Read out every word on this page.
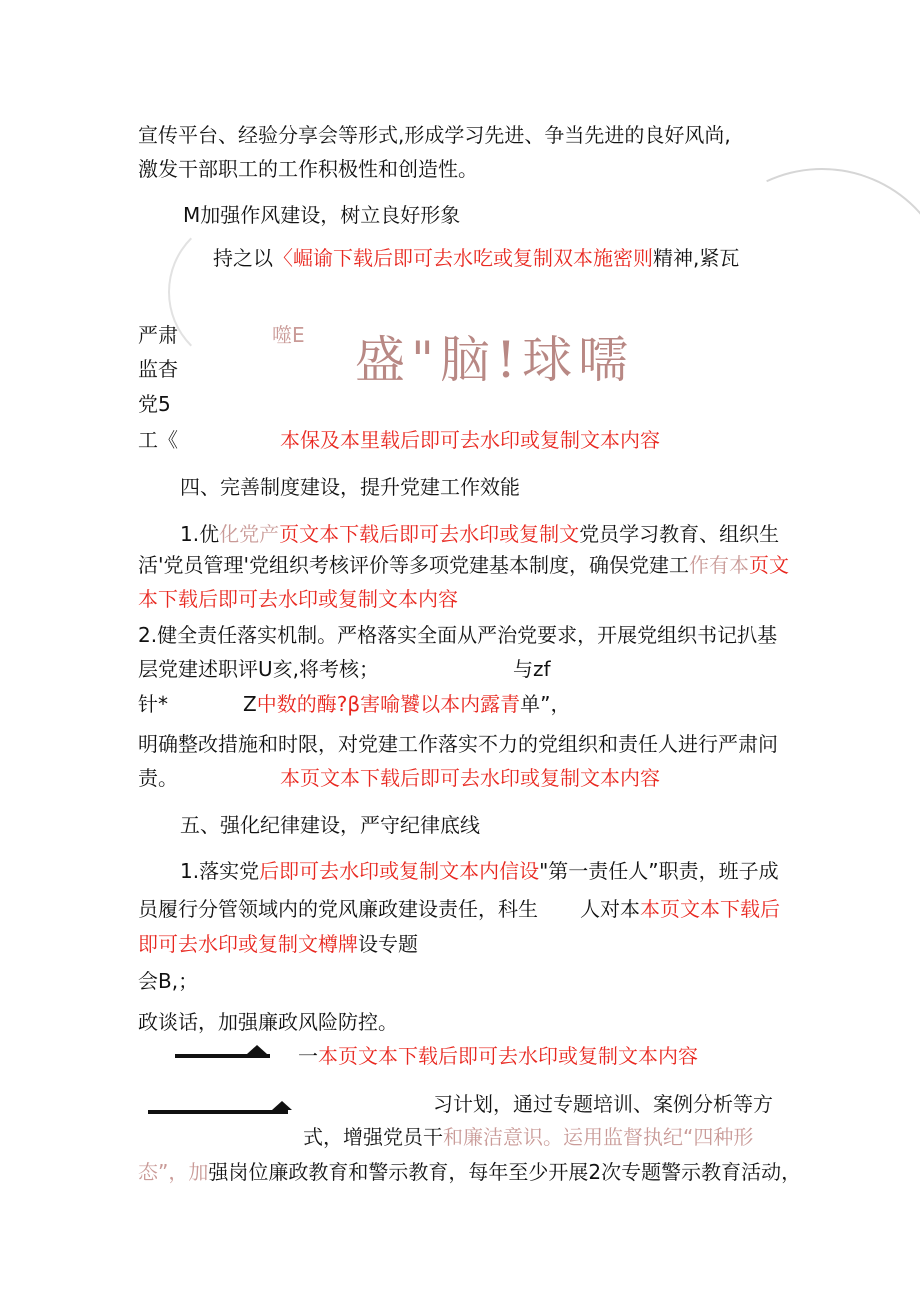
宣传平台、经验分享会等形式,形成学习先进、争当先进的良好风尚,
激发干部职工的工作积极性和创造性。
M加强作风建设，树立良好形象
持之以〈崛谕下载后即可去水吃或复制双本施密则精神,紧瓦
严肃	噬E 盛"脑!球嚅
监杳
党5
工《	本保及本里载后即可去水印或复制文本内容
四、完善制度建设，提升党建工作效能
1.优化党产页文本下载后即可去水印或复制文党员学习教育、组织生
活'党员管理'党组织考核评价等多项党建基本制度，确俣党建工作有本页文
本下载后即可去水印或复制文本内容
2.健全责任落实机制。严格落实全面从严治党要求，开展党组织书记扒基
层党建述职评U亥,将考核；	与zf
针*	Z中数的酶?β害喻饕以本内露青单”，
明确整改措施和时限，对党建工作落实不力的党组织和责任人进行严肃问
责。	本页文本下载后即可去水印或复制文本内容
五、强化纪律建设，严守纪律底线
1.落实党后即可去水印或复制文本内信设"第一责任人”职责，班子成
员履行分管领域内的党风廉政建设责任，科生 人对本本页文本下载后
即可去水印或复制文樽牌设专题
会B,；
政谈话，加强廉政风险防控。
一本页文本下载后即可去水印或复制文本内容
习计划，通过专题培训、案例分析等方
式，增强党员干和廉洁意识。运用监督执纪“四种形
态”，加强岗位廉政教育和警示教育，每年至少开展2次专题警示教育活动，
